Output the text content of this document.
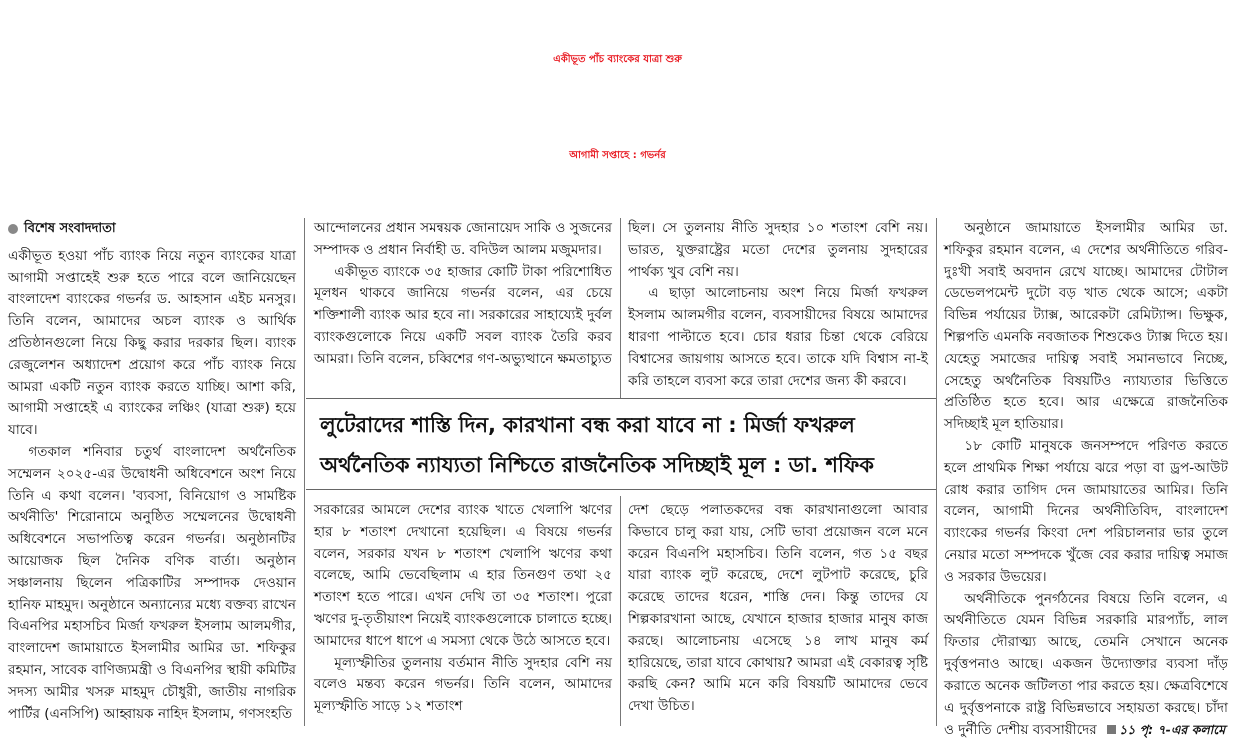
একীভূত পাঁচ ব্যাংকের যাত্রা শুরু
আগামী সপ্তাহে : গভর্নর
বিশেষ সংবাদদাতা

একীভূত হওয়া পাঁচ ব্যাংক নিয়ে নতুন ব্যাংকের যাত্রা আগামী সপ্তাহেই শুরু হতে পারে বলে জানিয়েছেন বাংলাদেশ ব্যাংকের গভর্নর ড. আহসান এইচ মনসুর। তিনি বলেন, আমাদের অচল ব্যাংক ও আর্থিক প্রতিষ্ঠানগুলো নিয়ে কিছু করার দরকার ছিল। ব্যাংক রেজুলেশন অধ্যাদেশ প্রয়োগ করে পাঁচ ব্যাংক নিয়ে আমরা একটি নতুন ব্যাংক করতে যাচ্ছি। আশা করি, আগামী সপ্তাহেই এ ব্যাংকের লঞ্চিং (যাত্রা শুরু) হয়ে যাবে।

গতকাল শনিবার চতুর্থ বাংলাদেশ অর্থনৈতিক সম্মেলন ২০২৫-এর উদ্বোধনী অধিবেশনে অংশ নিয়ে তিনি এ কথা বলেন। 'ব্যবসা, বিনিয়োগ ও সামষ্টিক অর্থনীতি' শিরোনামে অনুষ্ঠিত সম্মেলনের উদ্বোধনী অধিবেশনে সভাপতিত্ব করেন গভর্নর। অনুষ্ঠানটির আয়োজক ছিল দৈনিক বণিক বার্তা। অনুষ্ঠান সঞ্চালনায় ছিলেন পত্রিকাটির সম্পাদক দেওয়ান হানিফ মাহমুদ। অনুষ্ঠানে অন্যান্যের মধ্যে বক্তব্য রাখেন বিএনপির মহাসচিব মির্জা ফখরুল ইসলাম আলমগীর, বাংলাদেশ জামায়াতে ইসলামীর আমির ডা. শফিকুর রহমান, সাবেক বাণিজ্যমন্ত্রী ও বিএনপির স্থায়ী কমিটির সদস্য আমীর খসরু মাহমুদ চৌধুরী, জাতীয় নাগরিক পার্টির (এনসিপি) আহ্বায়ক নাহিদ ইসলাম, গণসংহতি

আন্দোলনের প্রধান সমন্বয়ক জোনায়েদ সাকি ও সুজনের সম্পাদক ও প্রধান নির্বাহী ড. বদিউল আলম মজুমদার।

একীভূত ব্যাংকে ৩৫ হাজার কোটি টাকা পরিশোধিত মূলধন থাকবে জানিয়ে গভর্নর বলেন, এর চেয়ে শক্তিশালী ব্যাংক আর হবে না। সরকারের সাহায্যেই দুর্বল ব্যাংকগুলোকে নিয়ে একটি সবল ব্যাংক তৈরি করব আমরা। তিনি বলেন, চব্বিশের গণ-অভ্যুত্থানে ক্ষমতাচ্যুত

ছিল। সে তুলনায় নীতি সুদহার ১০ শতাংশ বেশি নয়। ভারত, যুক্তরাষ্ট্রের মতো দেশের তুলনায় সুদহারের পার্থক্য খুব বেশি নয়।

এ ছাড়া আলোচনায় অংশ নিয়ে মির্জা ফখরুল ইসলাম আলমগীর বলেন, ব্যবসায়ীদের বিষয়ে আমাদের ধারণা পাল্টাতে হবে। চোর ধরার চিন্তা থেকে বেরিয়ে বিশ্বাসের জায়গায় আসতে হবে। তাকে যদি বিশ্বাস না-ই করি তাহলে ব্যবসা করে তারা দেশের জন্য কী করবে।

লুটেরাদের শাস্তি দিন, কারখানা বন্ধ করা যাবে না : মির্জা ফখরুল
অর্থনৈতিক ন্যায্যতা নিশ্চিতে রাজনৈতিক সদিচ্ছাই মূল : ডা. শফিক

সরকারের আমলে দেশের ব্যাংক খাতে খেলাপি ঋণের হার ৮ শতাংশ দেখানো হয়েছিল। এ বিষয়ে গভর্নর বলেন, সরকার যখন ৮ শতাংশ খেলাপি ঋণের কথা বলেছে, আমি ভেবেছিলাম এ হার তিনগুণ তথা ২৫ শতাংশ হতে পারে। এখন দেখি তা ৩৫ শতাংশ। পুরো ঋণের দু-তৃতীয়াংশ নিয়েই ব্যাংকগুলোকে চালাতে হচ্ছে। আমাদের ধাপে ধাপে এ সমস্যা থেকে উঠে আসতে হবে।

মূল্যস্ফীতির তুলনায় বর্তমান নীতি সুদহার বেশি নয় বলেও মন্তব্য করেন গভর্নর। তিনি বলেন, আমাদের মূল্যস্ফীতি সাড়ে ১২ শতাংশ

দেশ ছেড়ে পলাতকদের বন্ধ কারখানাগুলো আবার কিভাবে চালু করা যায়, সেটি ভাবা প্রয়োজন বলে মনে করেন বিএনপি মহাসচিব। তিনি বলেন, গত ১৫ বছর যারা ব্যাংক লুট করেছে, দেশে লুটপাট করেছে, চুরি করেছে তাদের ধরেন, শাস্তি দেন। কিন্তু তাদের যে শিল্পকারখানা আছে, যেখানে হাজার হাজার মানুষ কাজ করছে। আলোচনায় এসেছে ১৪ লাখ মানুষ কর্ম হারিয়েছে, তারা যাবে কোথায়? আমরা এই বেকারত্ব সৃষ্টি করছি কেন? আমি মনে করি বিষয়টি আমাদের ভেবে দেখা উচিত।

অনুষ্ঠানে জামায়াতে ইসলামীর আমির ডা. শফিকুর রহমান বলেন, এ দেশের অর্থনীতিতে গরিব-দুঃখী সবাই অবদান রেখে যাচ্ছে। আমাদের টোটাল ডেভেলপমেন্ট দুটো বড় খাত থেকে আসে; একটা বিভিন্ন পর্যায়ের ট্যাক্স, আরেকটা রেমিট্যান্স। ভিক্ষুক, শিল্পপতি এমনকি নবজাতক শিশুকেও ট্যাক্স দিতে হয়। যেহেতু সমাজের দায়িত্ব সবাই সমানভাবে নিচ্ছে, সেহেতু অর্থনৈতিক বিষয়টিও ন্যায্যতার ভিত্তিতে প্রতিষ্ঠিত হতে হবে। আর এক্ষেত্রে রাজনৈতিক সদিচ্ছাই মূল হাতিয়ার।

১৮ কোটি মানুষকে জনসম্পদে পরিণত করতে হলে প্রাথমিক শিক্ষা পর্যায়ে ঝরে পড়া বা ড্রপ-আউট রোধ করার তাগিদ দেন জামায়াতের আমির। তিনি বলেন, আগামী দিনের অর্থনীতিবিদ, বাংলাদেশ ব্যাংকের গভর্নর কিংবা দেশ পরিচালনার ভার তুলে নেয়ার মতো সম্পদকে খুঁজে বের করার দায়িত্ব সমাজ ও সরকার উভয়ের।

অর্থনীতিকে পুনর্গঠনের বিষয়ে তিনি বলেন, এ অর্থনীতিতে যেমন বিভিন্ন সরকারি মারপ্যাঁচ, লাল ফিতার দৌরাত্ম্য আছে, তেমনি সেখানে অনেক দুর্বৃত্তপনাও আছে। একজন উদ্যোক্তার ব্যবসা দাঁড় করাতে অনেক জটিলতা পার করতে হয়। ক্ষেত্রবিশেষে এ দুর্বৃত্তপনাকে রাষ্ট্র বিভিন্নভাবে সহায়তা করছে। চাঁদা ও দুর্নীতি দেশীয় ব্যবসায়ীদের ১১ পৃ: ৭-এর কলামে
